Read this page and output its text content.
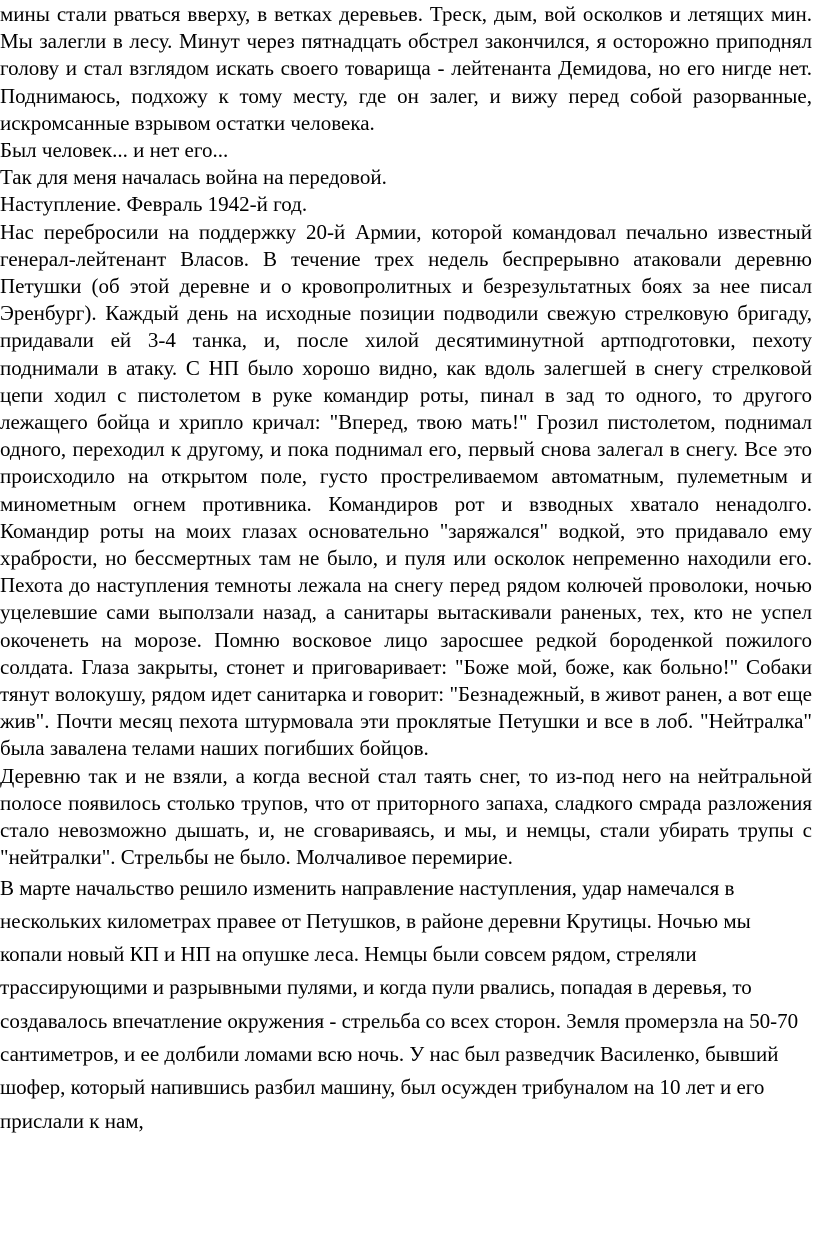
мины стали рваться вверху, в ветках деревьев. Треск, дым, вой осколков и летящих мин. Мы залегли в лесу. Минут через пятнадцать обстрел закончился, я осторожно приподнял голову и стал взглядом искать своего товарища - лейтенанта Демидова, но его нигде нет. Поднимаюсь, подхожу к тому месту, где он залег, и вижу перед собой разорванные, искромсанные взрывом остатки человека.

Был человек... и нет его...

Так для меня началась война на передовой.

Наступление. Февраль 1942-й год.

Нас перебросили на поддержку 20-й Армии, которой командовал печально известный генерал-лейтенант Власов. В течение трех недель беспрерывно атаковали деревню Петушки (об этой деревне и о кровопролитных и безрезультатных боях за нее писал Эренбург). Каждый день на исходные позиции подводили свежую стрелковую бригаду, придавали ей 3-4 танка, и, после хилой десятиминутной артподготовки, пехоту поднимали в атаку. С НП было хорошо видно, как вдоль залегшей в снегу стрелковой цепи ходил с пистолетом в руке командир роты, пинал в зад то одного, то другого лежащего бойца и хрипло кричал: "Вперед, твою мать!" Грозил пистолетом, поднимал одного, переходил к другому, и пока поднимал его, первый снова залегал в снегу. Все это происходило на открытом поле, густо простреливаемом автоматным, пулеметным и минометным огнем противника. Командиров рот и взводных хватало ненадолго. Командир роты на моих глазах основательно "заряжался" водкой, это придавало ему храбрости, но бессмертных там не было, и пуля или осколок непременно находили его. Пехота до наступления темноты лежала на снегу перед рядом колючей проволоки, ночью уцелевшие сами выползали назад, а санитары вытаскивали раненых, тех, кто не успел окоченеть на морозе. Помню восковое лицо заросшее редкой бороденкой пожилого солдата. Глаза закрыты, стонет и приговаривает: "Боже мой, боже, как больно!" Собаки тянут волокушу, рядом идет санитарка и говорит: "Безнадежный, в живот ранен, а вот еще жив". Почти месяц пехота штурмовала эти проклятые Петушки и все в лоб. "Нейтралка" была завалена телами наших погибших бойцов.

Деревню так и не взяли, а когда весной стал таять снег, то из-под него на нейтральной полосе появилось столько трупов, что от приторного запаха, сладкого смрада разложения стало невозможно дышать, и, не сговариваясь, и мы, и немцы, стали убирать трупы с "нейтралки". Стрельбы не было. Молчаливое перемирие.

В марте начальство решило изменить направление наступления, удар намечался в нескольких километрах правее от Петушков, в районе деревни Крутицы. Ночью мы копали новый КП и НП на опушке леса. Немцы были совсем рядом, стреляли трассирующими и разрывными пулями, и когда пули рвались, попадая в деревья, то создавалось впечатление окружения - стрельба со всех сторон. Земля промерзла на 50-70 сантиметров, и ее долбили ломами всю ночь. У нас был разведчик Василенко, бывший шофер, который напившись разбил машину, был осужден трибуналом на 10 лет и его прислали к нам,
